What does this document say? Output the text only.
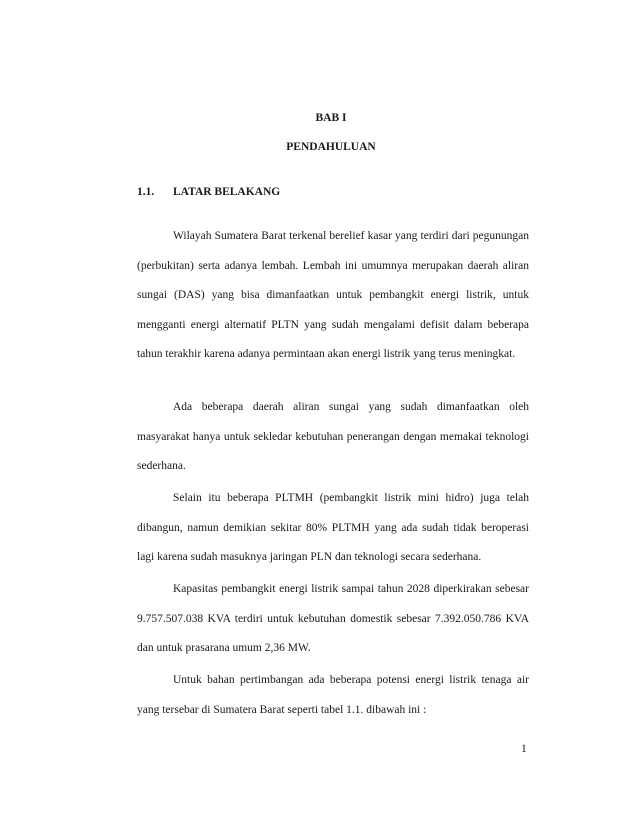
BAB I

PENDAHULUAN

1.1. LATAR BELAKANG

Wilayah Sumatera Barat terkenal berelief kasar yang terdiri dari pegunungan (perbukitan) serta adanya lembah. Lembah ini umumnya merupakan daerah aliran sungai (DAS) yang bisa dimanfaatkan untuk pembangkit energi listrik, untuk mengganti energi alternatif PLTN yang sudah mengalami defisit dalam beberapa tahun terakhir karena adanya permintaan akan energi listrik yang terus meningkat.

Ada beberapa daerah aliran sungai yang sudah dimanfaatkan oleh masyarakat hanya untuk sekledar kebutuhan penerangan dengan memakai teknologi sederhana.

Selain itu beberapa PLTMH (pembangkit listrik mini hidro) juga telah dibangun, namun demikian sekitar 80% PLTMH yang ada sudah tidak beroperasi lagi karena sudah masuknya jaringan PLN dan teknologi secara sederhana.

Kapasitas pembangkit energi listrik sampai tahun 2028 diperkirakan sebesar 9.757.507.038 KVA terdiri untuk kebutuhan domestik sebesar 7.392.050.786 KVA dan untuk prasarana umum 2,36 MW.

Untuk bahan pertimbangan ada beberapa potensi energi listrik tenaga air yang tersebar di Sumatera Barat seperti tabel 1.1. dibawah ini :

1
